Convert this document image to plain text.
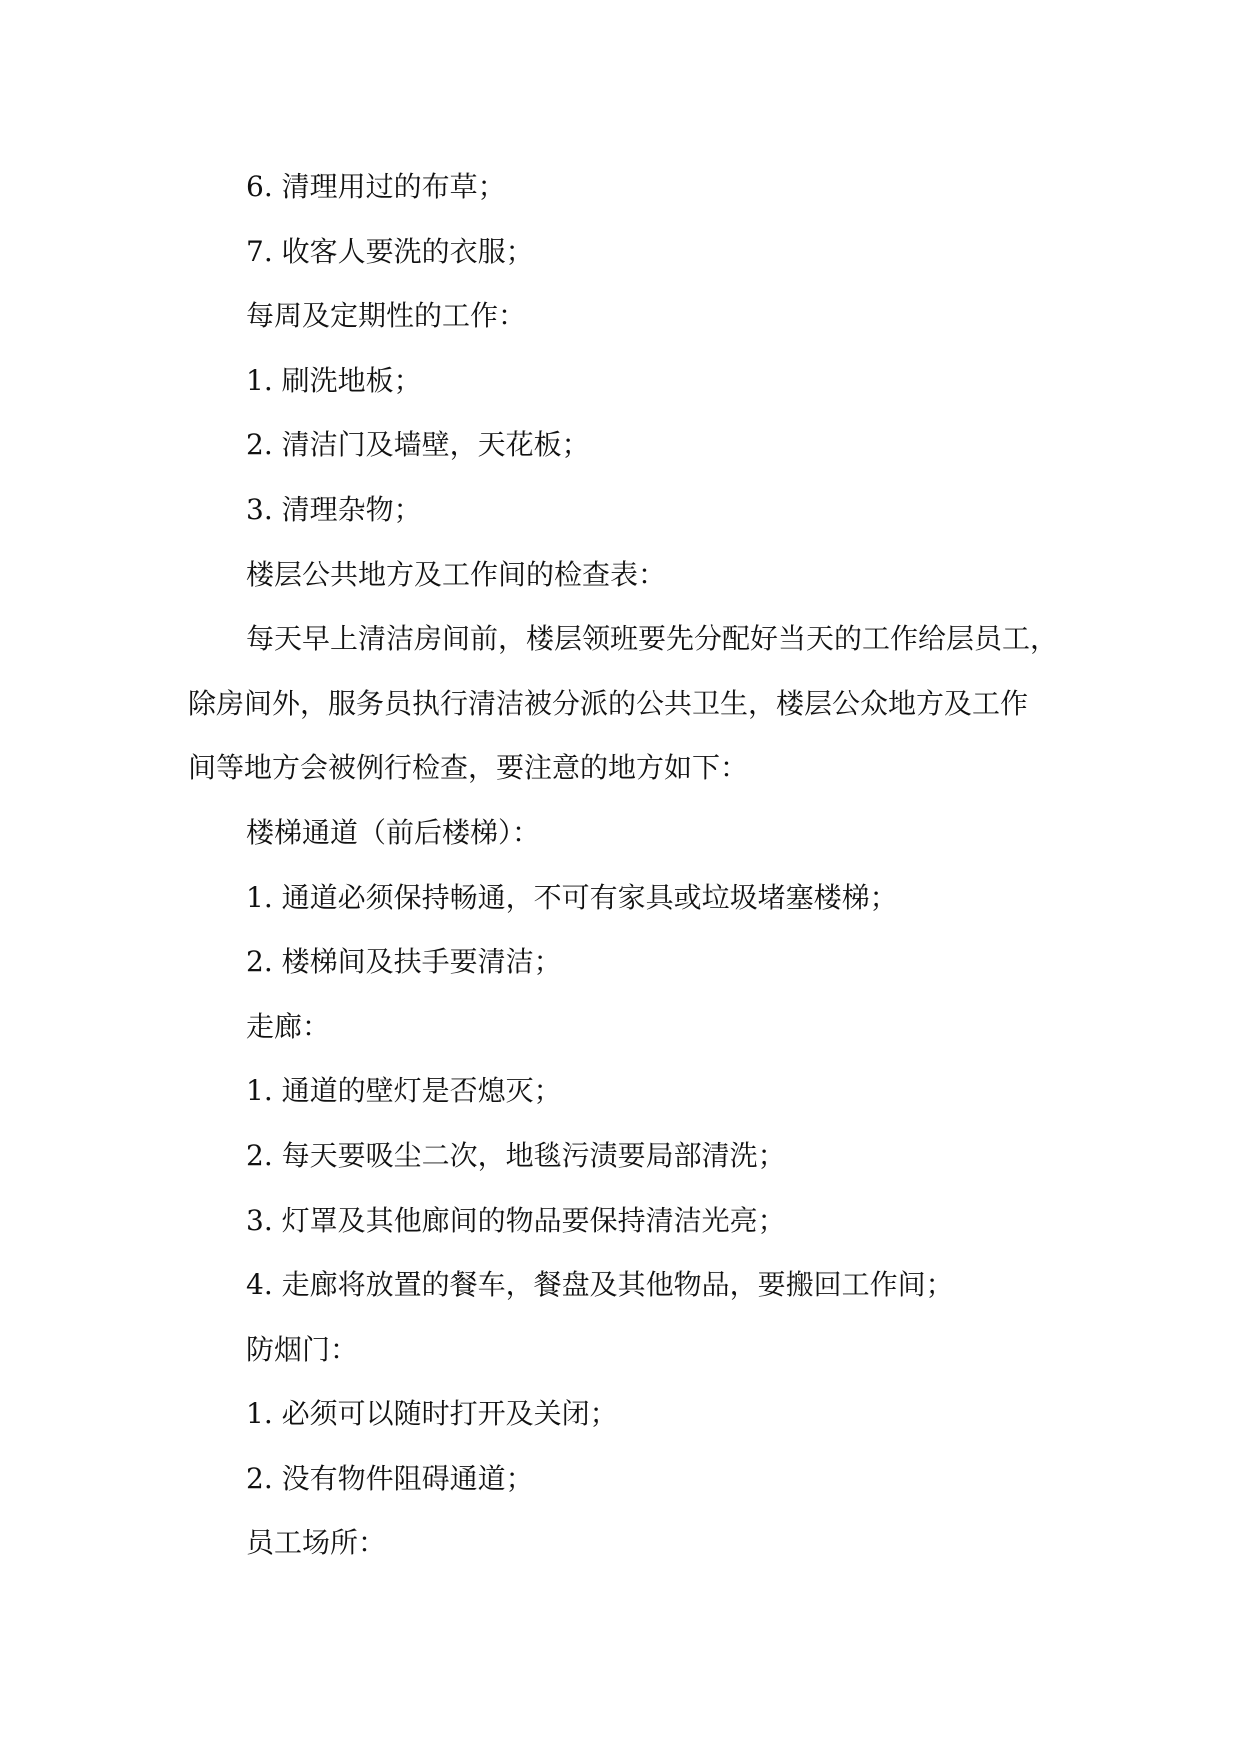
6. 清理用过的布草；
7. 收客人要洗的衣服；
每周及定期性的工作：
1. 刷洗地板；
2. 清洁门及墙壁，天花板；
3. 清理杂物；
楼层公共地方及工作间的检查表：
每天早上清洁房间前，楼层领班要先分配好当天的工作给层员工，
除房间外，服务员执行清洁被分派的公共卫生，楼层公众地方及工作
间等地方会被例行检查，要注意的地方如下：
楼梯通道（前后楼梯）：
1. 通道必须保持畅通，不可有家具或垃圾堵塞楼梯；
2. 楼梯间及扶手要清洁；
走廊：
1. 通道的壁灯是否熄灭；
2. 每天要吸尘二次，地毯污渍要局部清洗；
3. 灯罩及其他廊间的物品要保持清洁光亮；
4. 走廊将放置的餐车，餐盘及其他物品，要搬回工作间；
防烟门：
1. 必须可以随时打开及关闭；
2. 没有物件阻碍通道；
员工场所：
